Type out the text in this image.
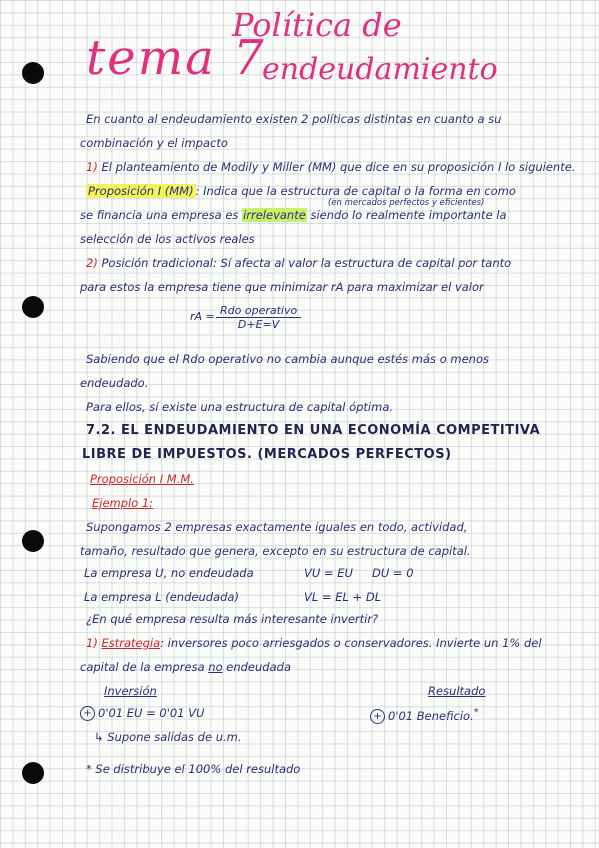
tema 7
Política de
endeudamiento
En cuanto al endeudamiento existen 2 políticas distintas en cuanto a su
combinación y el impacto
1) El planteamiento de Modily y Miller (MM) que dice en su proposición I lo siguiente.
Proposición I (MM) : Indica que la estructura de capital o la forma en como
(en mercados perfectos y eficientes)
se financia una empresa es irrelevante siendo lo realmente importante la
selección de los activos reales
2) Posición tradicional: Sí afecta al valor la estructura de capital por tanto
para estos la empresa tiene que minimizar rA para maximizar el valor
rA = Rdo operativo
D+E=V
Sabiendo que el Rdo operativo no cambia aunque estés más o menos
endeudado.
Para ellos, sí existe una estructura de capital óptima.
7.2. EL ENDEUDAMIENTO EN UNA ECONOMÍA COMPETITIVA
LIBRE DE IMPUESTOS. (MERCADOS PERFECTOS)
Proposición I M.M.
Ejemplo 1:
Supongamos 2 empresas exactamente iguales en todo, actividad,
tamaño, resultado que genera, excepto en su estructura de capital.
La empresa U, no endeudada	VU = EU DU = 0
La empresa L (endeudada)	VL = EL + DL
¿En qué empresa resulta más interesante invertir?
1) Estrategia: inversores poco arriesgados o conservadores. Invierte un 1% del
capital de la empresa no endeudada
Inversión	Resultado
+ 0'01 EU = 0'01 VU	+ 0'01 Beneficio.*
↳ Supone salidas de u.m.
* Se distribuye el 100% del resultado
